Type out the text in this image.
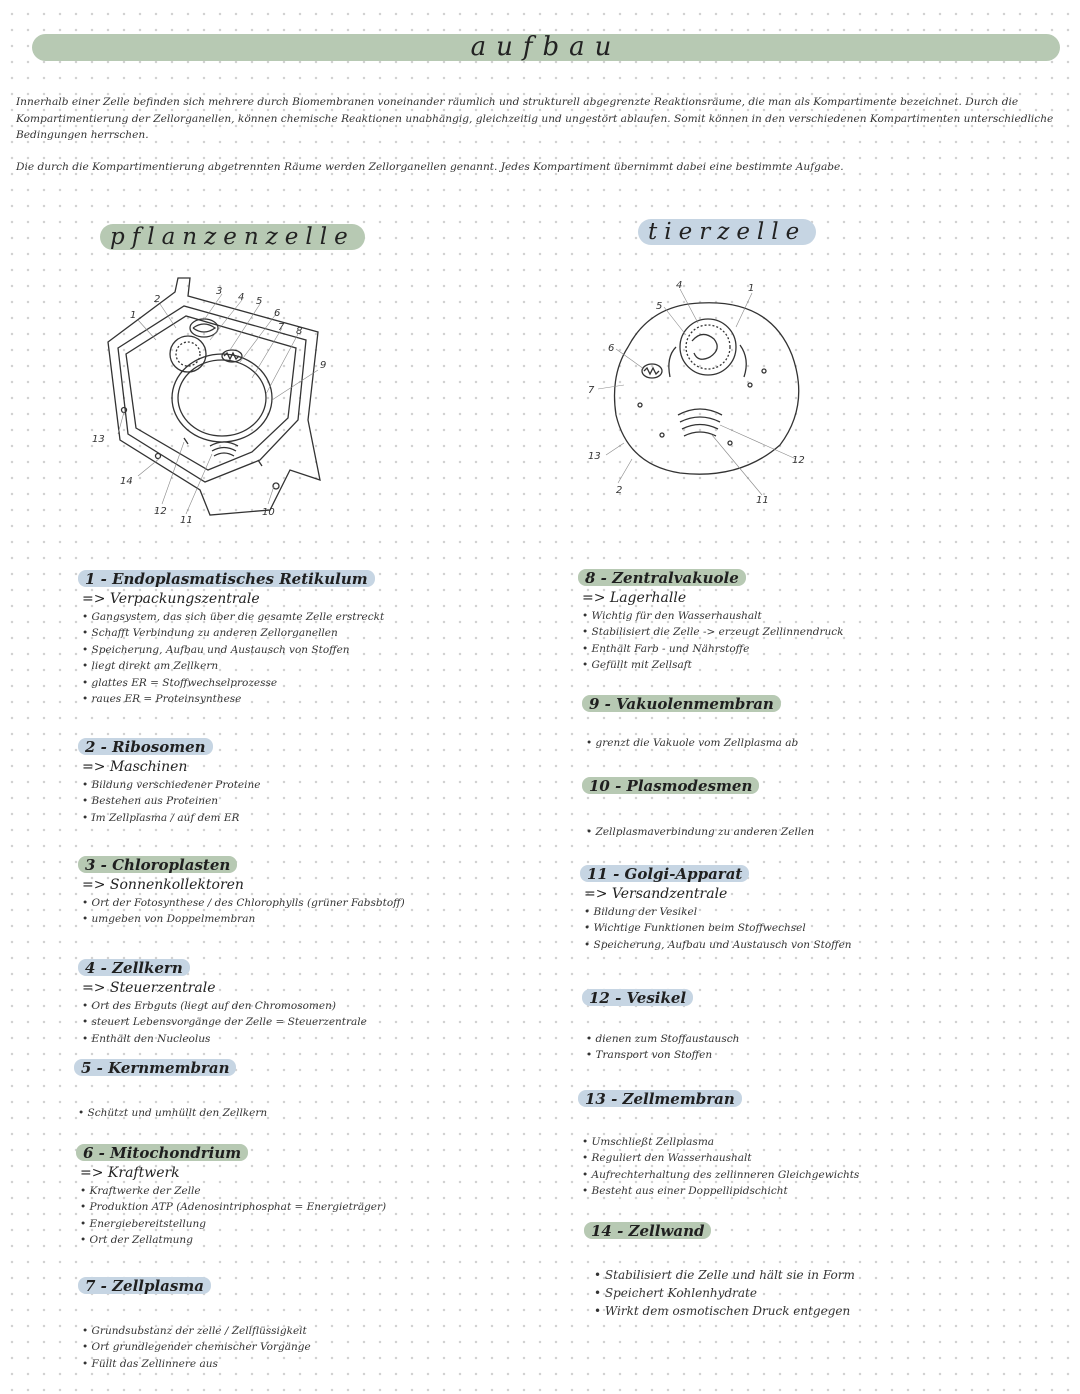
aufbau
Innerhalb einer Zelle befinden sich mehrere durch Biomembranen voneinander räumlich und strukturell abgegrenzte Reaktionsräume, die man als Kompartimente bezeichnet. Durch die Kompartimentierung der Zellorganellen, können chemische Reaktionen unabhängig, gleichzeitig und ungestört ablaufen. Somit können in den verschiedenen Kompartimenten unterschiedliche Bedingungen herrschen.
Die durch die Kompartimentierung abgetrennten Räume werden Zellorganellen genannt. Jedes Kompartiment übernimmt dabei eine bestimmte Aufgabe.
pflanzenzelle	tierzelle
1
2
3
4 5
6
7 8
9
10
11
12
13
14
1
2
4
5
6
7
11
12
13
1 - Endoplasmatisches Retikulum
=> Verpackungszentrale
• Gangsystem, das sich über die gesamte Zelle erstreckt
• Schafft Verbindung zu anderen Zellorganellen
• Speicherung, Aufbau und Austausch von Stoffen
• liegt direkt am Zellkern
• glattes ER = Stoffwechselprozesse
• raues ER = Proteinsynthese
2 - Ribosomen
=> Maschinen
• Bildung verschiedener Proteine
• Bestehen aus Proteinen
• Im Zellplasma / auf dem ER
3 - Chloroplasten
=> Sonnenkollektoren
• Ort der Fotosynthese / des Chlorophylls (grüner Fabsbtoff)
• umgeben von Doppelmembran
4 - Zellkern
=> Steuerzentrale
• Ort des Erbguts (liegt auf den Chromosomen)
• steuert Lebensvorgänge der Zelle = Steuerzentrale
• Enthält den Nucleolus
5 - Kernmembran
• Schützt und umhüllt den Zellkern
6 - Mitochondrium
=> Kraftwerk
• Kraftwerke der Zelle
• Produktion ATP (Adenosintriphosphat = Energieträger)
• Energiebereitstellung
• Ort der Zellatmung
7 - Zellplasma
• Grundsubstanz der zelle / Zellflüssigkeit
• Ort grundlegender chemischer Vorgänge
• Füllt das Zellinnere aus
8 - Zentralvakuole
=> Lagerhalle
• Wichtig für den Wasserhaushalt
• Stabilisiert die Zelle -> erzeugt Zellinnendruck
• Enthält Farb - und Nährstoffe
• Gefüllt mit Zellsaft
9 - Vakuolenmembran
• grenzt die Vakuole vom Zellplasma ab
10 - Plasmodesmen
• Zellplasmaverbindung zu anderen Zellen
11 - Golgi-Apparat
=> Versandzentrale
• Bildung der Vesikel
• Wichtige Funktionen beim Stoffwechsel
• Speicherung, Aufbau und Austausch von Stoffen
12 - Vesikel
• dienen zum Stoffaustausch
• Transport von Stoffen
13 - Zellmembran
• Umschließt Zellplasma
• Reguliert den Wasserhaushalt
• Aufrechterhaltung des zellinneren Gleichgewichts
• Besteht aus einer Doppellipidschicht
14 - Zellwand
• Stabilisiert die Zelle und hält sie in Form
• Speichert Kohlenhydrate
• Wirkt dem osmotischen Druck entgegen
